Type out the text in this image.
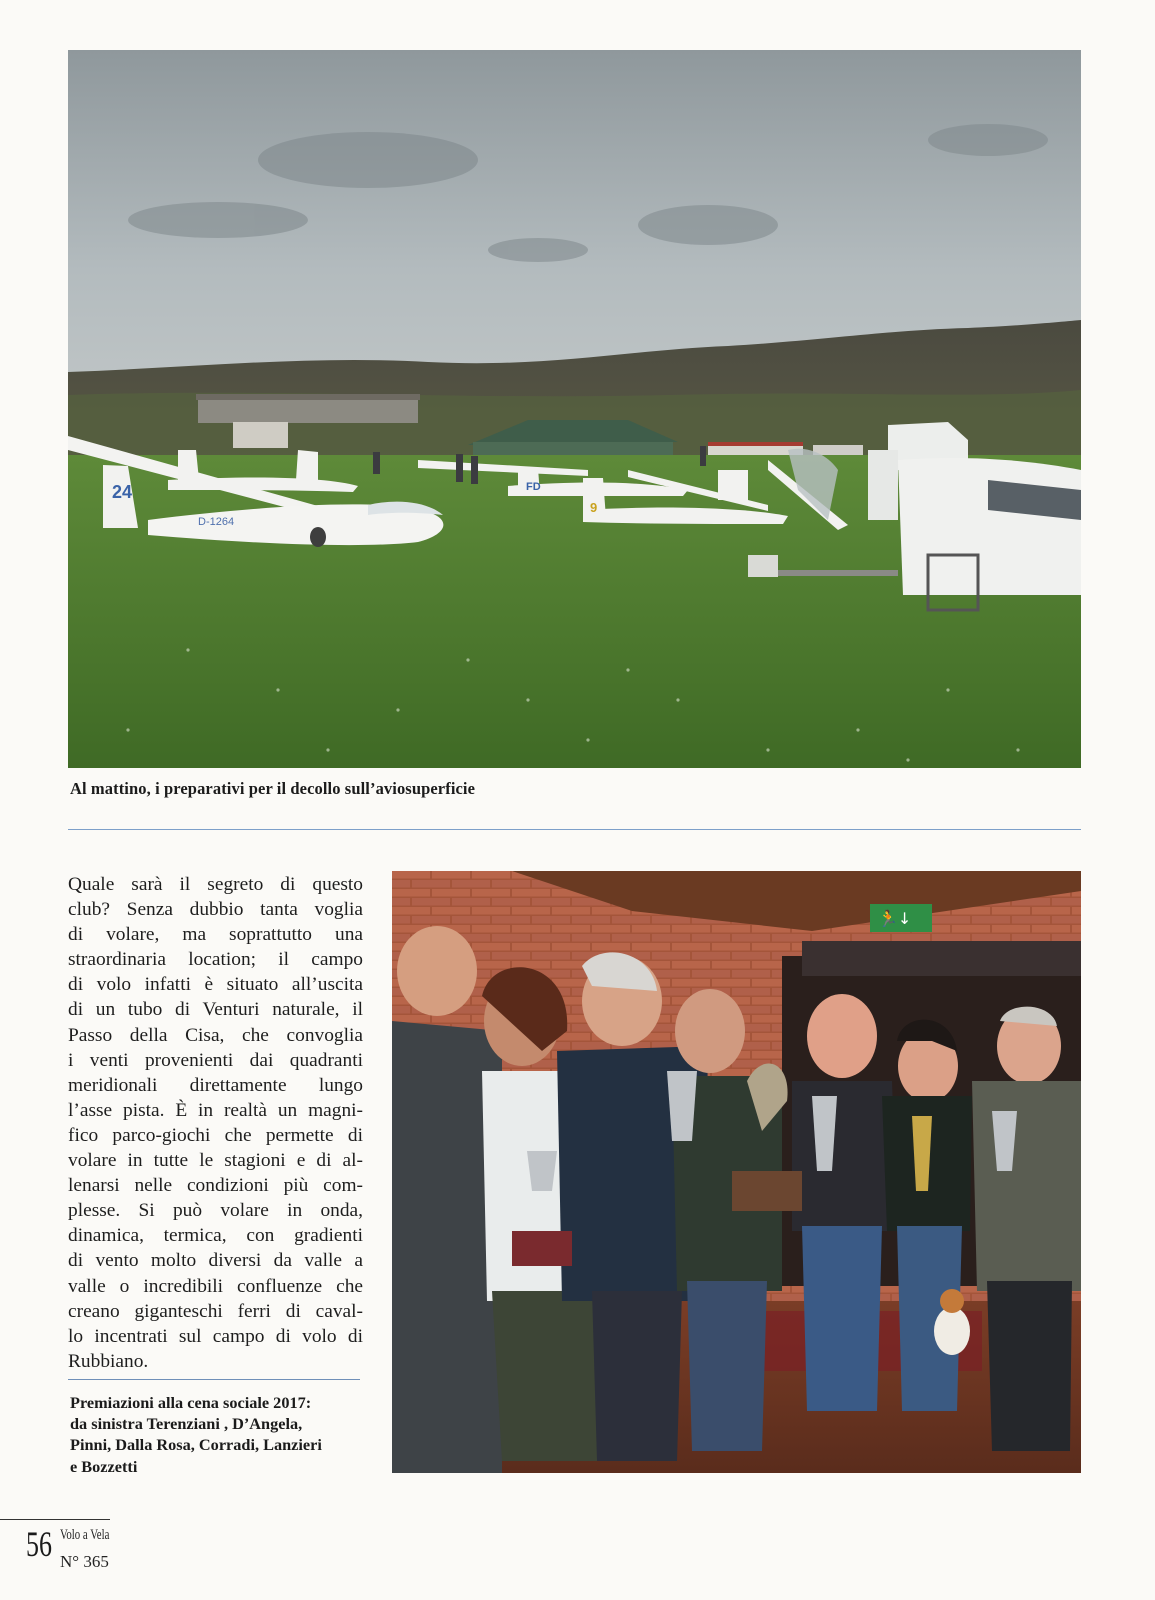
24
D-1264
FD
9
Al mattino, i preparativi per il decollo sull’aviosuperficie
Quale sarà il segreto di questo
club? Senza dubbio tanta voglia
di volare, ma soprattutto una
straordinaria location; il campo
di volo infatti è situato all’uscita
di un tubo di Venturi naturale, il
Passo della Cisa, che convoglia
i venti provenienti dai quadranti
meridionali direttamente lungo
l’asse pista. È in realtà un magni-
fico parco-giochi che permette di
volare in tutte le stagioni e di al-
lenarsi nelle condizioni più com-
plesse. Si può volare in onda,
dinamica, termica, con gradienti
di vento molto diversi da valle a
valle o incredibili confluenze che
creano giganteschi ferri di caval-
lo incentrati sul campo di volo di
Rubbiano.
Premiazioni alla cena sociale 2017:
da sinistra Terenziani , D’Angela,
Pinni, Dalla Rosa, Corradi, Lanzieri
e Bozzetti
🏃↓
56 Volo a Vela
N° 365
